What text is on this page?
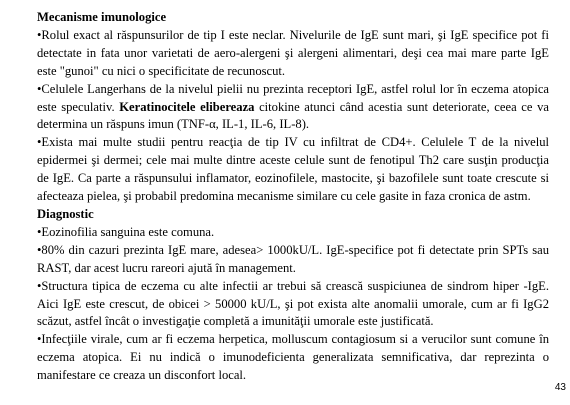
Mecanisme imunologice

•Rolul exact al răspunsurilor de tip I este neclar. Nivelurile de IgE sunt mari, şi IgE specifice pot fi detectate in fata unor varietati de aero-alergeni şi alergeni alimentari, deşi cea mai mare parte IgE este "gunoi" cu nici o specificitate de recunoscut.

•Celulele Langerhans de la nivelul pielii nu prezinta receptori IgE, astfel rolul lor în eczema atopica este speculativ. Keratinocitele elibereaza citokine atunci când acestia sunt deteriorate, ceea ce va determina un răspuns imun (TNF-α, IL-1, IL-6, IL-8).

•Exista mai multe studii pentru reacţia de tip IV cu infiltrat de CD4+. Celulele T de la nivelul epidermei şi dermei; cele mai multe dintre aceste celule sunt de fenotipul Th2 care susţin producţia de IgE. Ca parte a răspunsului inflamator, eozinofilele, mastocite, şi bazofilele sunt toate crescute si afecteaza pielea, şi probabil predomina mecanisme similare cu cele gasite in faza cronica de astm.

Diagnostic

•Eozinofilia sanguina este comuna.

•80% din cazuri prezinta IgE mare, adesea> 1000kU/L. IgE-specifice pot fi detectate prin SPTs sau RAST, dar acest lucru rareori ajută în management.

•Structura tipica de eczema cu alte infectii ar trebui să crească suspiciunea de sindrom hiper -IgE. Aici IgE este crescut, de obicei > 50000 kU/L, şi pot exista alte anomalii umorale, cum ar fi IgG2 scăzut, astfel încât o investigaţie completă a imunităţii umorale este justificată.

•Infecţiile virale, cum ar fi eczema herpetica, molluscum contagiosum si a verucilor sunt comune în eczema atopica. Ei nu indică o imunodeficienta generalizata semnificativa, dar reprezinta o manifestare ce creaza un disconfort local.

43
